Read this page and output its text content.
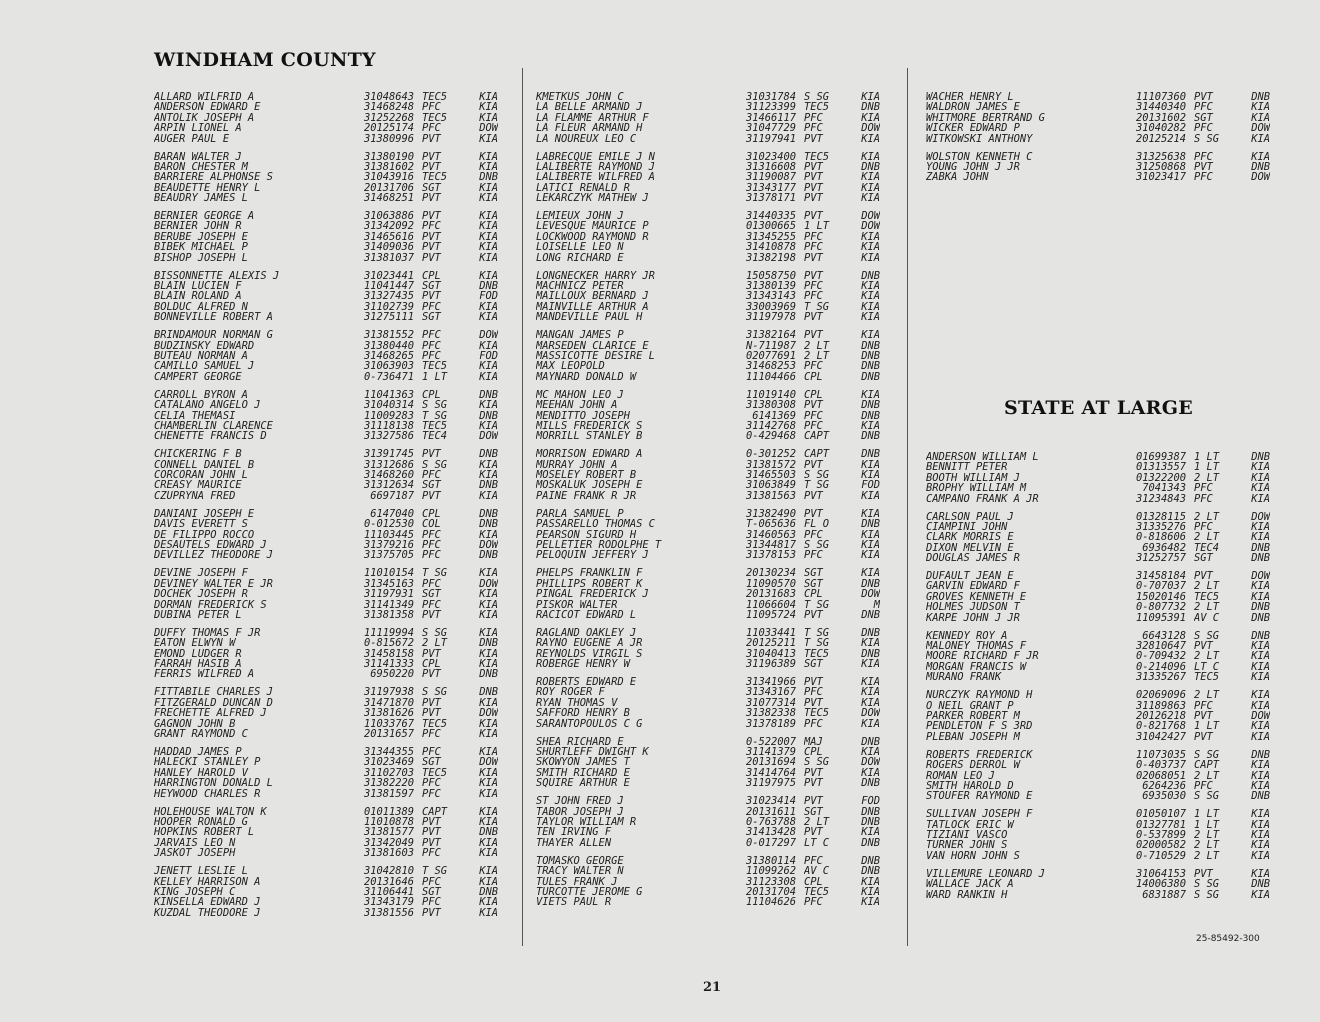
WINDHAM COUNTY
STATE AT LARGE
ALLARD WILFRID A	31048643 TEC5	KIA
ANDERSON EDWARD E	31468248 PFC	KIA
ANTOLIK JOSEPH A	31252268 TEC5	KIA
ARPIN LIONEL A	20125174 PFC	DOW
AUGER PAUL E	31380996 PVT	KIA
BARAN WALTER J	31380190 PVT	KIA
BARON CHESTER M	31381602 PVT	KIA
BARRIERE ALPHONSE S	31043916 TEC5	DNB
BEAUDETTE HENRY L	20131706 SGT	KIA
BEAUDRY JAMES L	31468251 PVT	KIA
BERNIER GEORGE A	31063886 PVT	KIA
BERNIER JOHN R	31342092 PFC	KIA
BERUBE JOSEPH E	31465616 PVT	KIA
BIBEK MICHAEL P	31409036 PVT	KIA
BISHOP JOSEPH L	31381037 PVT	KIA
BISSONNETTE ALEXIS J	31023441 CPL	KIA
BLAIN LUCIEN F	11041447 SGT	DNB
BLAIN ROLAND A	31327435 PVT	FOD
BOLDUC ALFRED N	31102739 PFC	KIA
BONNEVILLE ROBERT A	31275111 SGT	KIA
BRINDAMOUR NORMAN G	31381552 PFC	DOW
BUDZINSKY EDWARD	31380440 PFC	KIA
BUTEAU NORMAN A	31468265 PFC	FOD
CAMILLO SAMUEL J	31063903 TEC5	KIA
CAMPERT GEORGE	0-736471 1 LT	KIA
CARROLL BYRON A	11041363 CPL	DNB
CATALANO ANGELO J	31040314 S SG	KIA
CELIA THEMASI	11009283 T SG	DNB
CHAMBERLIN CLARENCE	31118138 TEC5	KIA
CHENETTE FRANCIS D	31327586 TEC4	DOW
CHICKERING F B	31391745 PVT	DNB
CONNELL DANIEL B	31312686 S SG	KIA
CORCORAN JOHN L	31468260 PFC	KIA
CREASY MAURICE	31312634 SGT	DNB
CZUPRYNA FRED	6697187 PVT	KIA
DANIANI JOSEPH E	6147040 CPL	DNB
DAVIS EVERETT S	0-012530 COL	DNB
DE FILIPPO ROCCO	11103445 PFC	KIA
DESAUTELS EDWARD J	31379216 PFC	DOW
DEVILLEZ THEODORE J	31375705 PFC	DNB
DEVINE JOSEPH F	11010154 T SG	KIA
DEVINEY WALTER E JR	31345163 PFC	DOW
DOCHEK JOSEPH R	31197931 SGT	KIA
DORMAN FREDERICK S	31141349 PFC	KIA
DUBINA PETER L	31381358 PVT	KIA
DUFFY THOMAS F JR	11119994 S SG	KIA
EATON ELWYN W	0-815672 2 LT	DNB
EMOND LUDGER R	31458158 PVT	KIA
FARRAH HASIB A	31141333 CPL	KIA
FERRIS WILFRED A	6950220 PVT	DNB
FITTABILE CHARLES J	31197938 S SG	DNB
FITZGERALD DUNCAN D	31471870 PVT	KIA
FRECHETTE ALFRED J	31381626 PVT	DOW
GAGNON JOHN B	11033767 TEC5	KIA
GRANT RAYMOND C	20131657 PFC	KIA
HADDAD JAMES P	31344355 PFC	KIA
HALECKI STANLEY P	31023469 SGT	DOW
HANLEY HAROLD V	31102703 TEC5	KIA
HARRINGTON DONALD L	31382220 PFC	KIA
HEYWOOD CHARLES R	31381597 PFC	KIA
HOLEHOUSE WALTON K	01011389 CAPT	KIA
HOOPER RONALD G	11010878 PVT	KIA
HOPKINS ROBERT L	31381577 PVT	DNB
JARVAIS LEO N	31342049 PVT	KIA
JASKOT JOSEPH	31381603 PFC	KIA
JENETT LESLIE L	31042810 T SG	KIA
KELLEY HARRISON A	20131646 PFC	KIA
KING JOSEPH C	31106441 SGT	DNB
KINSELLA EDWARD J	31343179 PFC	KIA
KUZDAL THEODORE J	31381556 PVT	KIA
KMETKUS JOHN C	31031784 S SG	KIA
LA BELLE ARMAND J	31123399 TEC5	DNB
LA FLAMME ARTHUR F	31466117 PFC	KIA
LA FLEUR ARMAND H	31047729 PFC	DOW
LA NOUREUX LEO C	31197941 PVT	KIA
LABRECQUE EMILE J N	31023400 TEC5	KIA
LALIBERTE RAYMOND J	31316608 PVT	DNB
LALIBERTE WILFRED A	31190087 PVT	KIA
LATICI RENALD R	31343177 PVT	KIA
LEKARCZYK MATHEW J	31378171 PVT	KIA
LEMIEUX JOHN J	31440335 PVT	DOW
LEVESQUE MAURICE P	01300665 1 LT	DOW
LOCKWOOD RAYMOND R	31345255 PFC	KIA
LOISELLE LEO N	31410878 PFC	KIA
LONG RICHARD E	31382198 PVT	KIA
LONGNECKER HARRY JR	15058750 PVT	DNB
MACHNICZ PETER	31380139 PFC	KIA
MAILLOUX BERNARD J	31343143 PFC	KIA
MAINVILLE ARTHUR A	33003969 T SG	KIA
MANDEVILLE PAUL H	31197978 PVT	KIA
MANGAN JAMES P	31382164 PVT	KIA
MARSEDEN CLARICE E	N-711987 2 LT	DNB
MASSICOTTE DESIRE L	02077691 2 LT	DNB
MAX LEOPOLD	31468253 PFC	DNB
MAYNARD DONALD W	11104466 CPL	DNB
MC MAHON LEO J	11019140 CPL	KIA
MEEHAN JOHN A	31380308 PVT	DNB
MENDITTO JOSEPH	6141369 PFC	DNB
MILLS FREDERICK S	31142768 PFC	KIA
MORRILL STANLEY B	0-429468 CAPT	DNB
MORRISON EDWARD A	0-301252 CAPT	DNB
MURRAY JOHN A	31381572 PVT	KIA
MOSELEY ROBERT B	31465503 S SG	KIA
MOSKALUK JOSEPH E	31063849 T SG	FOD
PAINE FRANK R JR	31381563 PVT	KIA
PARLA SAMUEL P	31382490 PVT	KIA
PASSARELLO THOMAS C	T-065636 FL O	DNB
PEARSON SIGURD H	31460563 PFC	KIA
PELLETIER RODOLPHE T	31344817 S SG	KIA
PELOQUIN JEFFERY J	31378153 PFC	KIA
PHELPS FRANKLIN F	20130234 SGT	KIA
PHILLIPS ROBERT K	11090570 SGT	DNB
PINGAL FREDERICK J	20131683 CPL	DOW
PISKOR WALTER	11066604 T SG	M
RACICOT EDWARD L	11095724 PVT	DNB
RAGLAND OAKLEY J	11033441 T SG	DNB
RAYNO EUGENE A JR	20125211 T SG	KIA
REYNOLDS VIRGIL S	31040413 TEC5	DNB
ROBERGE HENRY W	31196389 SGT	KIA
ROBERTS EDWARD E	31341966 PVT	KIA
ROY ROGER F	31343167 PFC	KIA
RYAN THOMAS V	31077314 PVT	KIA
SAFFORD HENRY B	31382338 TEC5	DOW
SARANTOPOULOS C G	31378189 PFC	KIA
SHEA RICHARD E	0-522007 MAJ	DNB
SHURTLEFF DWIGHT K	31141379 CPL	KIA
SKOWYON JAMES T	20131694 S SG	DOW
SMITH RICHARD E	31414764 PVT	KIA
SQUIRE ARTHUR E	31197975 PVT	DNB
ST JOHN FRED J	31023414 PVT	FOD
TABOR JOSEPH J	20131611 SGT	DNB
TAYLOR WILLIAM R	0-763788 2 LT	DNB
TEN IRVING F	31413428 PVT	KIA
THAYER ALLEN	0-017297 LT C	DNB
TOMASKO GEORGE	31380114 PFC	DNB
TRACY WALTER N	11099262 AV C	DNB
TULES FRANK J	31123308 CPL	KIA
TURCOTTE JEROME G	20131704 TEC5	KIA
VIETS PAUL R	11104626 PFC	KIA
WACHER HENRY L	11107360 PVT	DNB
WALDRON JAMES E	31440340 PFC	KIA
WHITMORE BERTRAND G	20131602 SGT	KIA
WICKER EDWARD P	31040282 PFC	DOW
WITKOWSKI ANTHONY	20125214 S SG	KIA
WOLSTON KENNETH C	31325638 PFC	KIA
YOUNG JOHN J JR	31250868 PVT	DNB
ZABKA JOHN	31023417 PFC	DOW
ANDERSON WILLIAM L	01699387 1 LT	DNB
BENNITT PETER	01313557 1 LT	KIA
BOOTH WILLIAM J	01322200 2 LT	KIA
BROPHY WILLIAM M	7041343 PFC	KIA
CAMPANO FRANK A JR	31234843 PFC	KIA
CARLSON PAUL J	01328115 2 LT	DOW
CIAMPINI JOHN	31335276 PFC	KIA
CLARK MORRIS E	0-818606 2 LT	KIA
DIXON MELVIN E	6936482 TEC4	DNB
DOUGLAS JAMES R	31252757 SGT	DNB
DUFAULT JEAN E	31458184 PVT	DOW
GARVIN EDWARD F	0-707037 2 LT	KIA
GROVES KENNETH E	15020146 TEC5	KIA
HOLMES JUDSON T	0-807732 2 LT	DNB
KARPE JOHN J JR	11095391 AV C	DNB
KENNEDY ROY A	6643128 S SG	DNB
MALONEY THOMAS F	32810647 PVT	KIA
MOORE RICHARD F JR	0-709432 2 LT	KIA
MORGAN FRANCIS W	0-214096 LT C	KIA
MURANO FRANK	31335267 TEC5	KIA
NURCZYK RAYMOND H	02069096 2 LT	KIA
O NEIL GRANT P	31189863 PFC	KIA
PARKER ROBERT M	20126218 PVT	DOW
PENDLETON F S 3RD	0-821768 1 LT	KIA
PLEBAN JOSEPH M	31042427 PVT	KIA
ROBERTS FREDERICK	11073035 S SG	DNB
ROGERS DERROL W	0-403737 CAPT	KIA
ROMAN LEO J	02068051 2 LT	KIA
SMITH HAROLD D	6264236 PFC	KIA
STOUFER RAYMOND E	6935030 S SG	DNB
SULLIVAN JOSEPH F	01050107 1 LT	KIA
TATLOCK ERIC W	01327781 1 LT	KIA
TIZIANI VASCO	0-537899 2 LT	KIA
TURNER JOHN S	02000582 2 LT	KIA
VAN HORN JOHN S	0-710529 2 LT	KIA
VILLEMURE LEONARD J	31064153 PVT	KIA
WALLACE JACK A	14006380 S SG	DNB
WARD RANKIN H	6831887 S SG	KIA
25-85492-300
21
